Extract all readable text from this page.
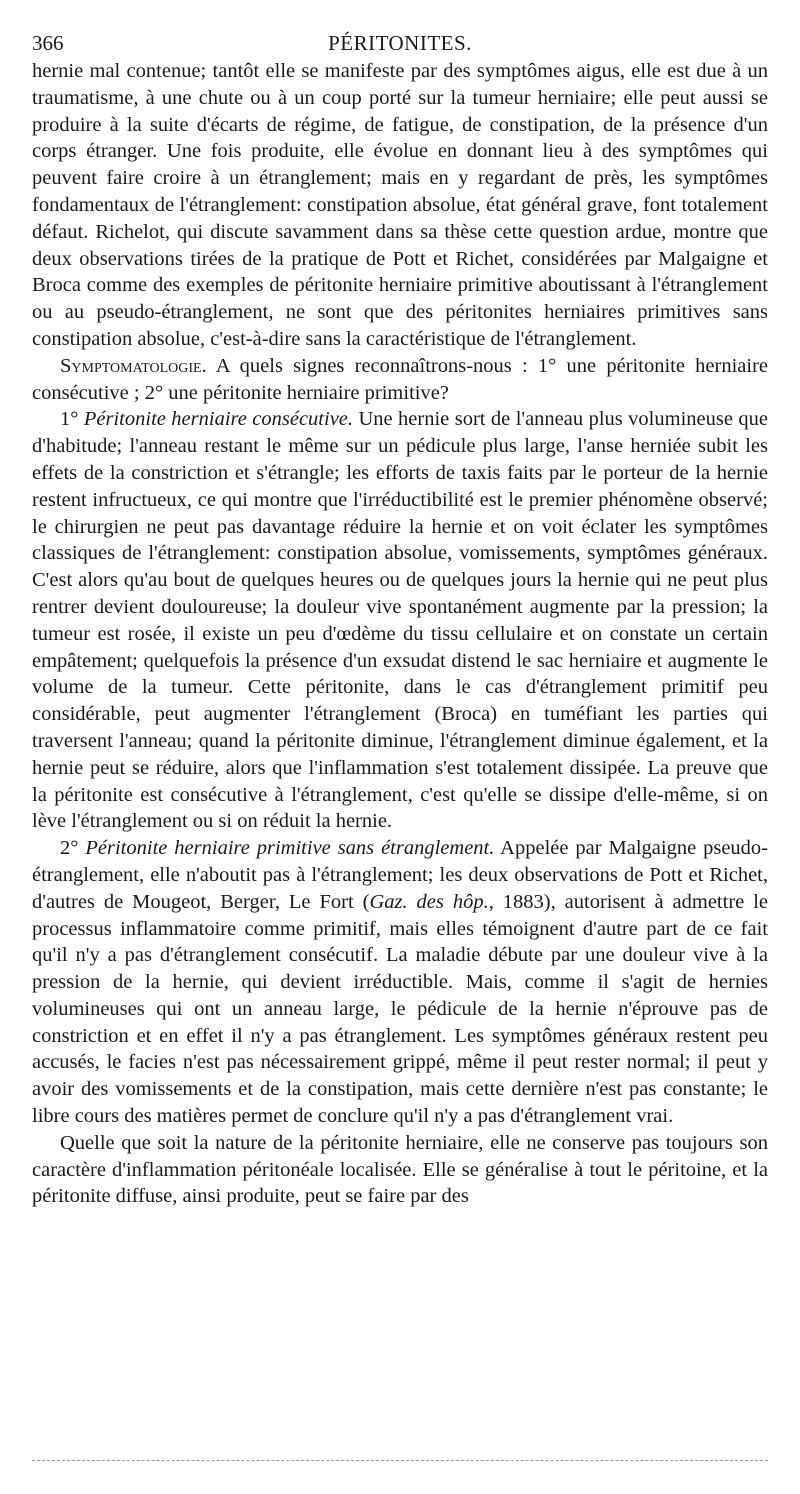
366	PÉRITONITES.

hernie mal contenue; tantôt elle se manifeste par des symptômes aigus, elle est due à un traumatisme, à une chute ou à un coup porté sur la tumeur herniaire; elle peut aussi se produire à la suite d'écarts de régime, de fatigue, de constipation, de la présence d'un corps étranger. Une fois produite, elle évolue en donnant lieu à des symptômes qui peuvent faire croire à un étranglement; mais en y regardant de près, les symptômes fondamentaux de l'étranglement: constipation absolue, état général grave, font totalement défaut. Richelot, qui discute savamment dans sa thèse cette question ardue, montre que deux observations tirées de la pratique de Pott et Richet, considérées par Malgaigne et Broca comme des exemples de péritonite herniaire primitive aboutissant à l'étranglement ou au pseudo-étranglement, ne sont que des péritonites herniaires primitives sans constipation absolue, c'est-à-dire sans la caractéristique de l'étranglement.

Symptomatologie. A quels signes reconnaîtrons-nous : 1° une péritonite herniaire consécutive ; 2° une péritonite herniaire primitive?

1° Péritonite herniaire consécutive. Une hernie sort de l'anneau plus volumineuse que d'habitude; l'anneau restant le même sur un pédicule plus large, l'anse herniée subit les effets de la constriction et s'étrangle; les efforts de taxis faits par le porteur de la hernie restent infructueux, ce qui montre que l'irréductibilité est le premier phénomène observé; le chirurgien ne peut pas davantage réduire la hernie et on voit éclater les symptômes classiques de l'étranglement: constipation absolue, vomissements, symptômes généraux. C'est alors qu'au bout de quelques heures ou de quelques jours la hernie qui ne peut plus rentrer devient douloureuse; la douleur vive spontanément augmente par la pression; la tumeur est rosée, il existe un peu d'œdème du tissu cellulaire et on constate un certain empâtement; quelquefois la présence d'un exsudat distend le sac herniaire et augmente le volume de la tumeur. Cette péritonite, dans le cas d'étranglement primitif peu considérable, peut augmenter l'étranglement (Broca) en tuméfiant les parties qui traversent l'anneau; quand la péritonite diminue, l'étranglement diminue également, et la hernie peut se réduire, alors que l'inflammation s'est totalement dissipée. La preuve que la péritonite est consécutive à l'étranglement, c'est qu'elle se dissipe d'elle-même, si on lève l'étranglement ou si on réduit la hernie.

2° Péritonite herniaire primitive sans étranglement. Appelée par Malgaigne pseudo-étranglement, elle n'aboutit pas à l'étranglement; les deux observations de Pott et Richet, d'autres de Mougeot, Berger, Le Fort (Gaz. des hôp., 1883), autorisent à admettre le processus inflammatoire comme primitif, mais elles témoignent d'autre part de ce fait qu'il n'y a pas d'étranglement consécutif. La maladie débute par une douleur vive à la pression de la hernie, qui devient irréductible. Mais, comme il s'agit de hernies volumineuses qui ont un anneau large, le pédicule de la hernie n'éprouve pas de constriction et en effet il n'y a pas étranglement. Les symptômes généraux restent peu accusés, le facies n'est pas nécessairement grippé, même il peut rester normal; il peut y avoir des vomissements et de la constipation, mais cette dernière n'est pas constante; le libre cours des matières permet de conclure qu'il n'y a pas d'étranglement vrai.

Quelle que soit la nature de la péritonite herniaire, elle ne conserve pas toujours son caractère d'inflammation péritonéale localisée. Elle se généralise à tout le péritoine, et la péritonite diffuse, ainsi produite, peut se faire par des
